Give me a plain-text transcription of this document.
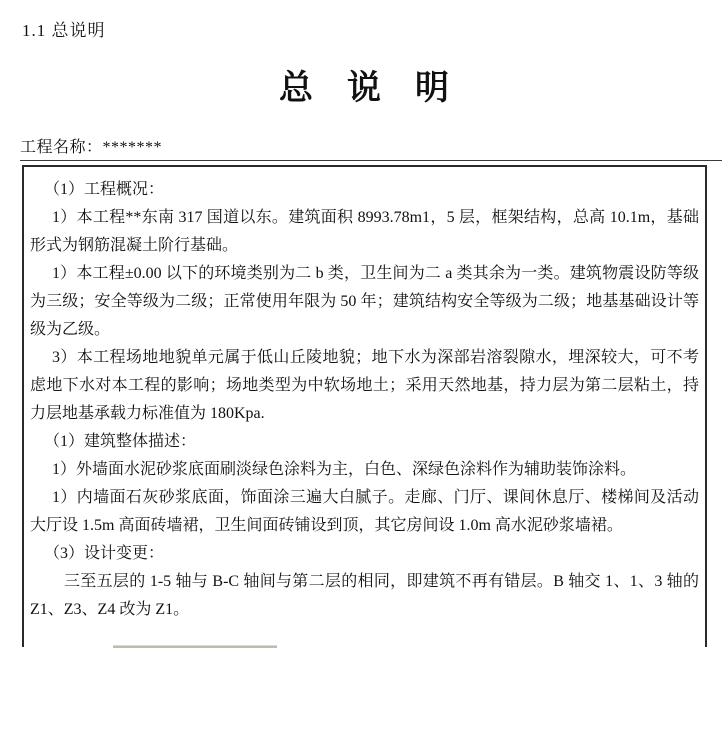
1.1 总说明
总　说　明
工程名称：*******

（1）工程概况：

1）本工程**东南 317 国道以东。建筑面积 8993.78m1，5 层，框架结构，总高 10.1m，基础形式为钢筋混凝土阶行基础。

1）本工程±0.00 以下的环境类别为二 b 类，卫生间为二 a 类其余为一类。建筑物震设防等级为三级；安全等级为二级；正常使用年限为 50 年；建筑结构安全等级为二级；地基基础设计等级为乙级。

3）本工程场地地貌单元属于低山丘陵地貌；地下水为深部岩溶裂隙水，埋深较大，可不考虑地下水对本工程的影响；场地类型为中软场地土；采用天然地基，持力层为第二层粘土，持力层地基承载力标准值为 180Kpa.

（1）建筑整体描述：

1）外墙面水泥砂浆底面刷淡绿色涂料为主，白色、深绿色涂料作为辅助装饰涂料。

1）内墙面石灰砂浆底面，饰面涂三遍大白腻子。走廊、门厅、课间休息厅、楼梯间及活动大厅设 1.5m 高面砖墙裙，卫生间面砖铺设到顶，其它房间设 1.0m 高水泥砂浆墙裙。

（3）设计变更：

三至五层的 1-5 轴与 B-C 轴间与第二层的相同，即建筑不再有错层。B 轴交 1、1、3 轴的 Z1、Z3、Z4 改为 Z1。
